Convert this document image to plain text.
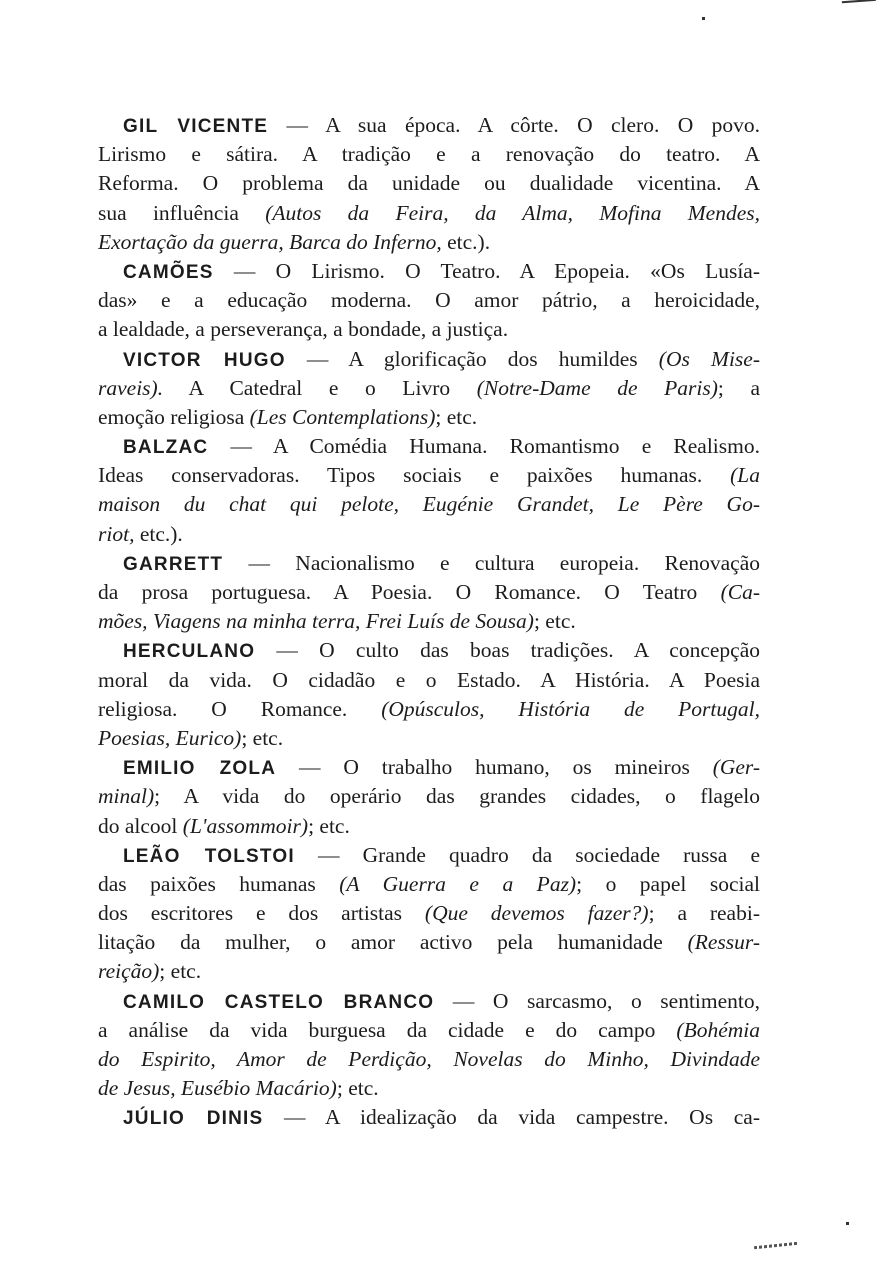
GIL VICENTE — A sua época. A côrte. O clero. O povo.
Lirismo e sátira. A tradição e a renovação do teatro. A
Reforma. O problema da unidade ou dualidade vicentina. A
sua influência (Autos da Feira, da Alma, Mofina Mendes,
Exortação da guerra, Barca do Inferno, etc.).
CAMÕES — O Lirismo. O Teatro. A Epopeia. «Os Lusía-
das» e a educação moderna. O amor pátrio, a heroicidade,
a lealdade, a perseverança, a bondade, a justiça.
VICTOR HUGO — A glorificação dos humildes (Os Mise-
raveis). A Catedral e o Livro (Notre-Dame de Paris); a
emoção religiosa (Les Contemplations); etc.
BALZAC — A Comédia Humana. Romantismo e Realismo.
Ideas conservadoras. Tipos sociais e paixões humanas. (La
maison du chat qui pelote, Eugénie Grandet, Le Père Go-
riot, etc.).
GARRETT — Nacionalismo e cultura europeia. Renovação
da prosa portuguesa. A Poesia. O Romance. O Teatro (Ca-
mões, Viagens na minha terra, Frei Luís de Sousa); etc.
HERCULANO — O culto das boas tradições. A concepção
moral da vida. O cidadão e o Estado. A História. A Poesia
religiosa. O Romance. (Opúsculos, História de Portugal,
Poesias, Eurico); etc.
EMILIO ZOLA — O trabalho humano, os mineiros (Ger-
minal); A vida do operário das grandes cidades, o flagelo
do alcool (L'assommoir); etc.
LEÃO TOLSTOI — Grande quadro da sociedade russa e
das paixões humanas (A Guerra e a Paz); o papel social
dos escritores e dos artistas (Que devemos fazer?); a reabi-
litação da mulher, o amor activo pela humanidade (Ressur-
reição); etc.
CAMILO CASTELO BRANCO — O sarcasmo, o sentimento,
a análise da vida burguesa da cidade e do campo (Bohémia
do Espirito, Amor de Perdição, Novelas do Minho, Divindade
de Jesus, Eusébio Macário); etc.
JÚLIO DINIS — A idealização da vida campestre. Os ca-
